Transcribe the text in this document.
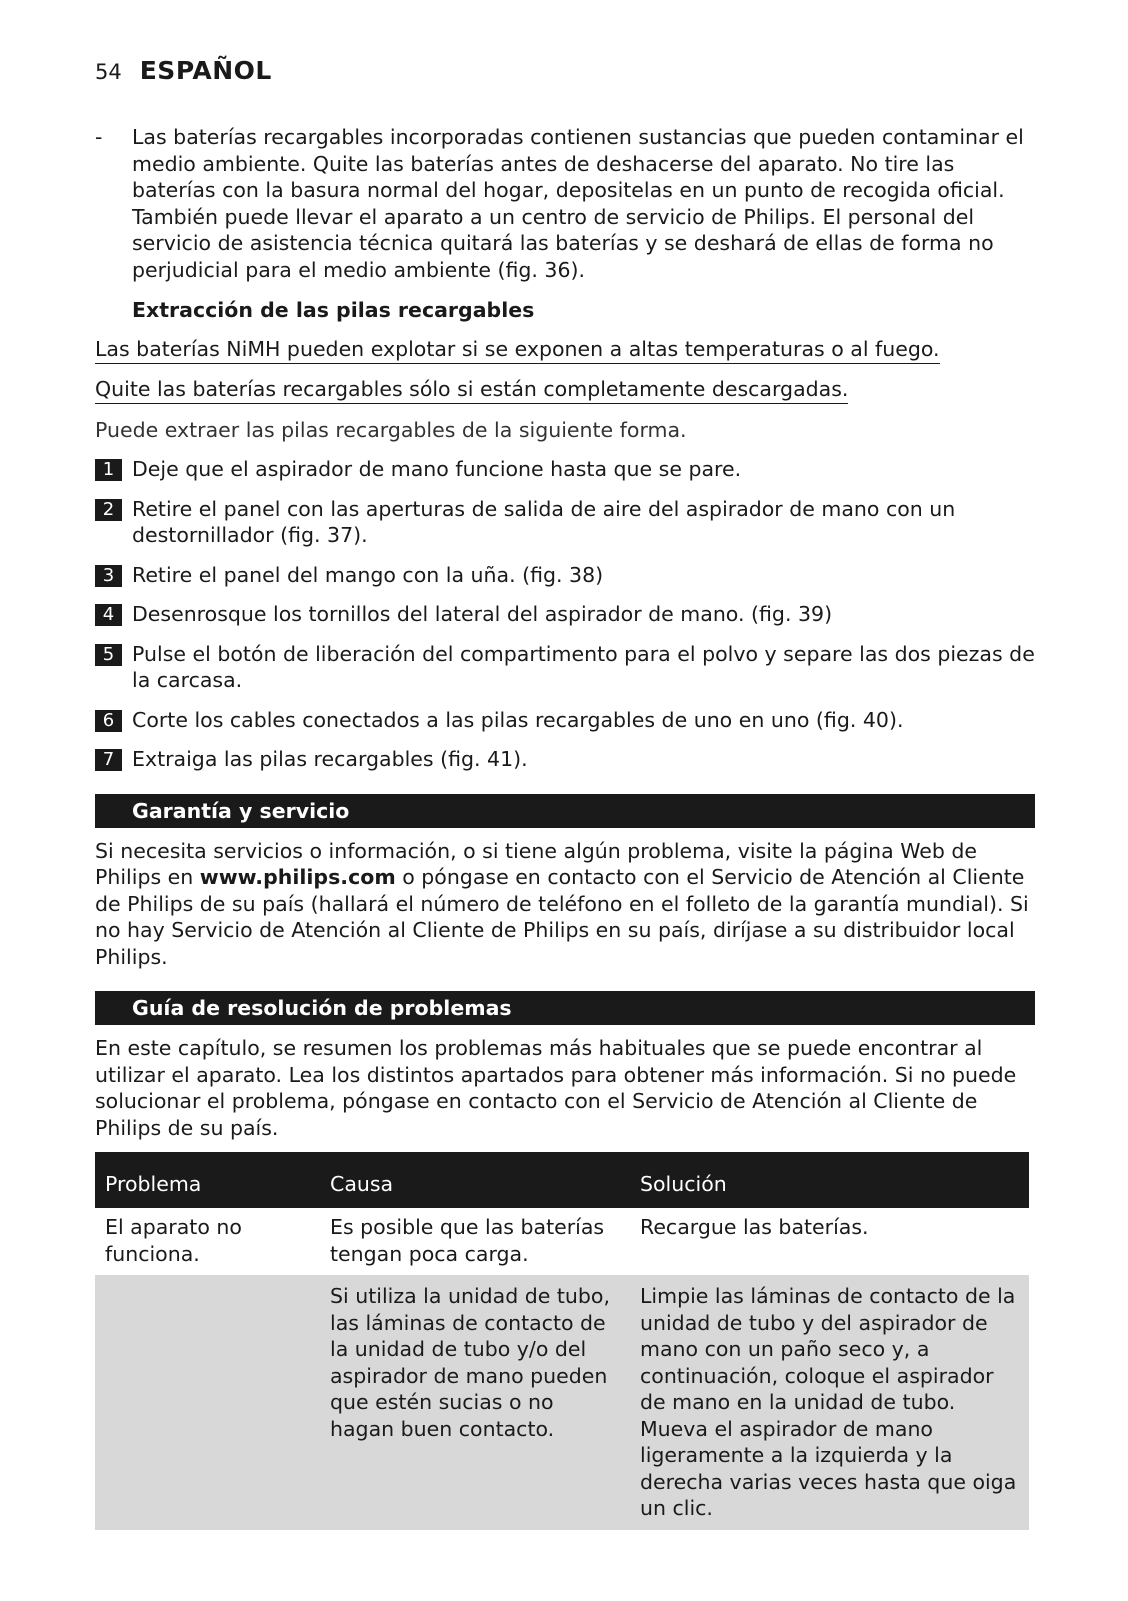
54 ESPAÑOL
- Las baterías recargables incorporadas contienen sustancias que pueden contaminar el medio ambiente. Quite las baterías antes de deshacerse del aparato. No tire las baterías con la basura normal del hogar, depositelas en un punto de recogida oficial. También puede llevar el aparato a un centro de servicio de Philips. El personal del servicio de asistencia técnica quitará las baterías y se deshará de ellas de forma no perjudicial para el medio ambiente (fig. 36).
Extracción de las pilas recargables
Las baterías NiMH pueden explotar si se exponen a altas temperaturas o al fuego.
Quite las baterías recargables sólo si están completamente descargadas.
Puede extraer las pilas recargables de la siguiente forma.
1 Deje que el aspirador de mano funcione hasta que se pare.
2 Retire el panel con las aperturas de salida de aire del aspirador de mano con un destornillador (fig. 37).
3 Retire el panel del mango con la uña. (fig. 38)
4 Desenrosque los tornillos del lateral del aspirador de mano. (fig. 39)
5 Pulse el botón de liberación del compartimento para el polvo y separe las dos piezas de la carcasa.
6 Corte los cables conectados a las pilas recargables de uno en uno (fig. 40).
7 Extraiga las pilas recargables (fig. 41).
Garantía y servicio
Si necesita servicios o información, o si tiene algún problema, visite la página Web de Philips en www.philips.com o póngase en contacto con el Servicio de Atención al Cliente de Philips de su país (hallará el número de teléfono en el folleto de la garantía mundial). Si no hay Servicio de Atención al Cliente de Philips en su país, diríjase a su distribuidor local Philips.
Guía de resolución de problemas
En este capítulo, se resumen los problemas más habituales que se puede encontrar al utilizar el aparato. Lea los distintos apartados para obtener más información. Si no puede solucionar el problema, póngase en contacto con el Servicio de Atención al Cliente de Philips de su país.
Problema	Causa	Solución
El aparato no funciona.	Es posible que las baterías tengan poca carga.	Recargue las baterías.
	Si utiliza la unidad de tubo, las láminas de contacto de la unidad de tubo y/o del aspirador de mano pueden que estén sucias o no hagan buen contacto.	Limpie las láminas de contacto de la unidad de tubo y del aspirador de mano con un paño seco y, a continuación, coloque el aspirador de mano en la unidad de tubo. Mueva el aspirador de mano ligeramente a la izquierda y la derecha varias veces hasta que oiga un clic.
